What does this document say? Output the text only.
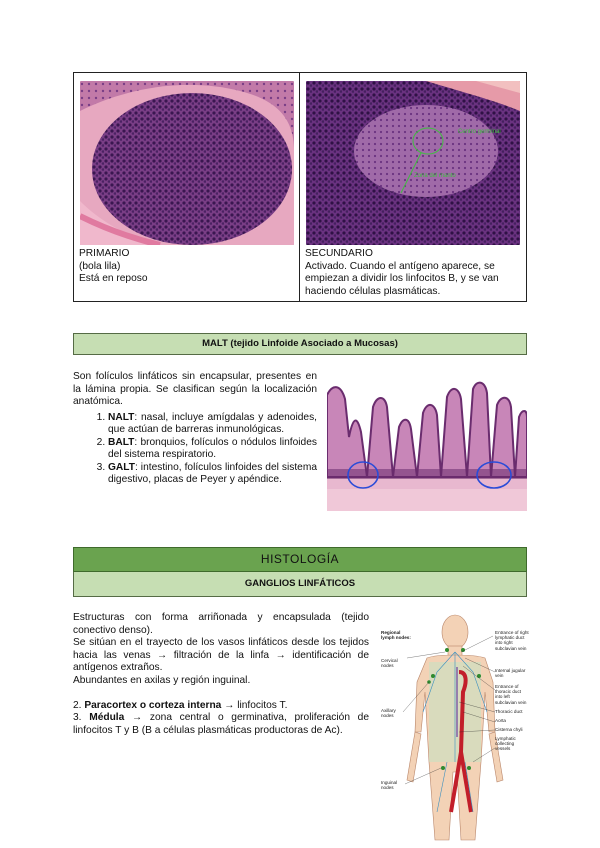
PRIMARIO
(bola lila)
Está en reposo
Centro germinal
Zona del manto
SECUNDARIO
Activado. Cuando el antígeno aparece, se
empiezan a dividir los linfocitos B, y se van
haciendo células plasmáticas.
MALT (tejido Linfoide Asociado a Mucosas)
Son folículos linfáticos sin encapsular, presentes en la lámina propia. Se clasifican según la localización anatómica.
1. NALT: nasal, incluye amígdalas y adenoides, que actúan de barreras inmunológicas.
2. BALT: bronquios, folículos o nódulos linfoides del sistema respiratorio.
3. GALT: intestino, folículos linfoides del sistema digestivo, placas de Peyer y apéndice.
HISTOLOGÍA
GANGLIOS LINFÁTICOS

Estructuras con forma arriñonada y encapsulada (tejido conectivo denso).

Se sitúan en el trayecto de los vasos linfáticos desde los tejidos hacia las venas → filtración de la linfa → identificación de antígenos extraños.

Abundantes en axilas y región inguinal.

2. Paracortex o corteza interna → linfocitos T.

3. Médula → zona central o germinativa, proliferación de linfocitos T y B (B a células plasmáticas productoras de Ac).

Regional lymph nodes:
Cervical nodes
Axillary nodes
Inguinal nodes
Entrance of right lymphatic duct into right subclavian vein
Internal jugular vein
Entrance of thoracic duct into left subclavian vein
Thoracic duct
Aorta
Cisterna chyli
Lymphatic collecting vessels
